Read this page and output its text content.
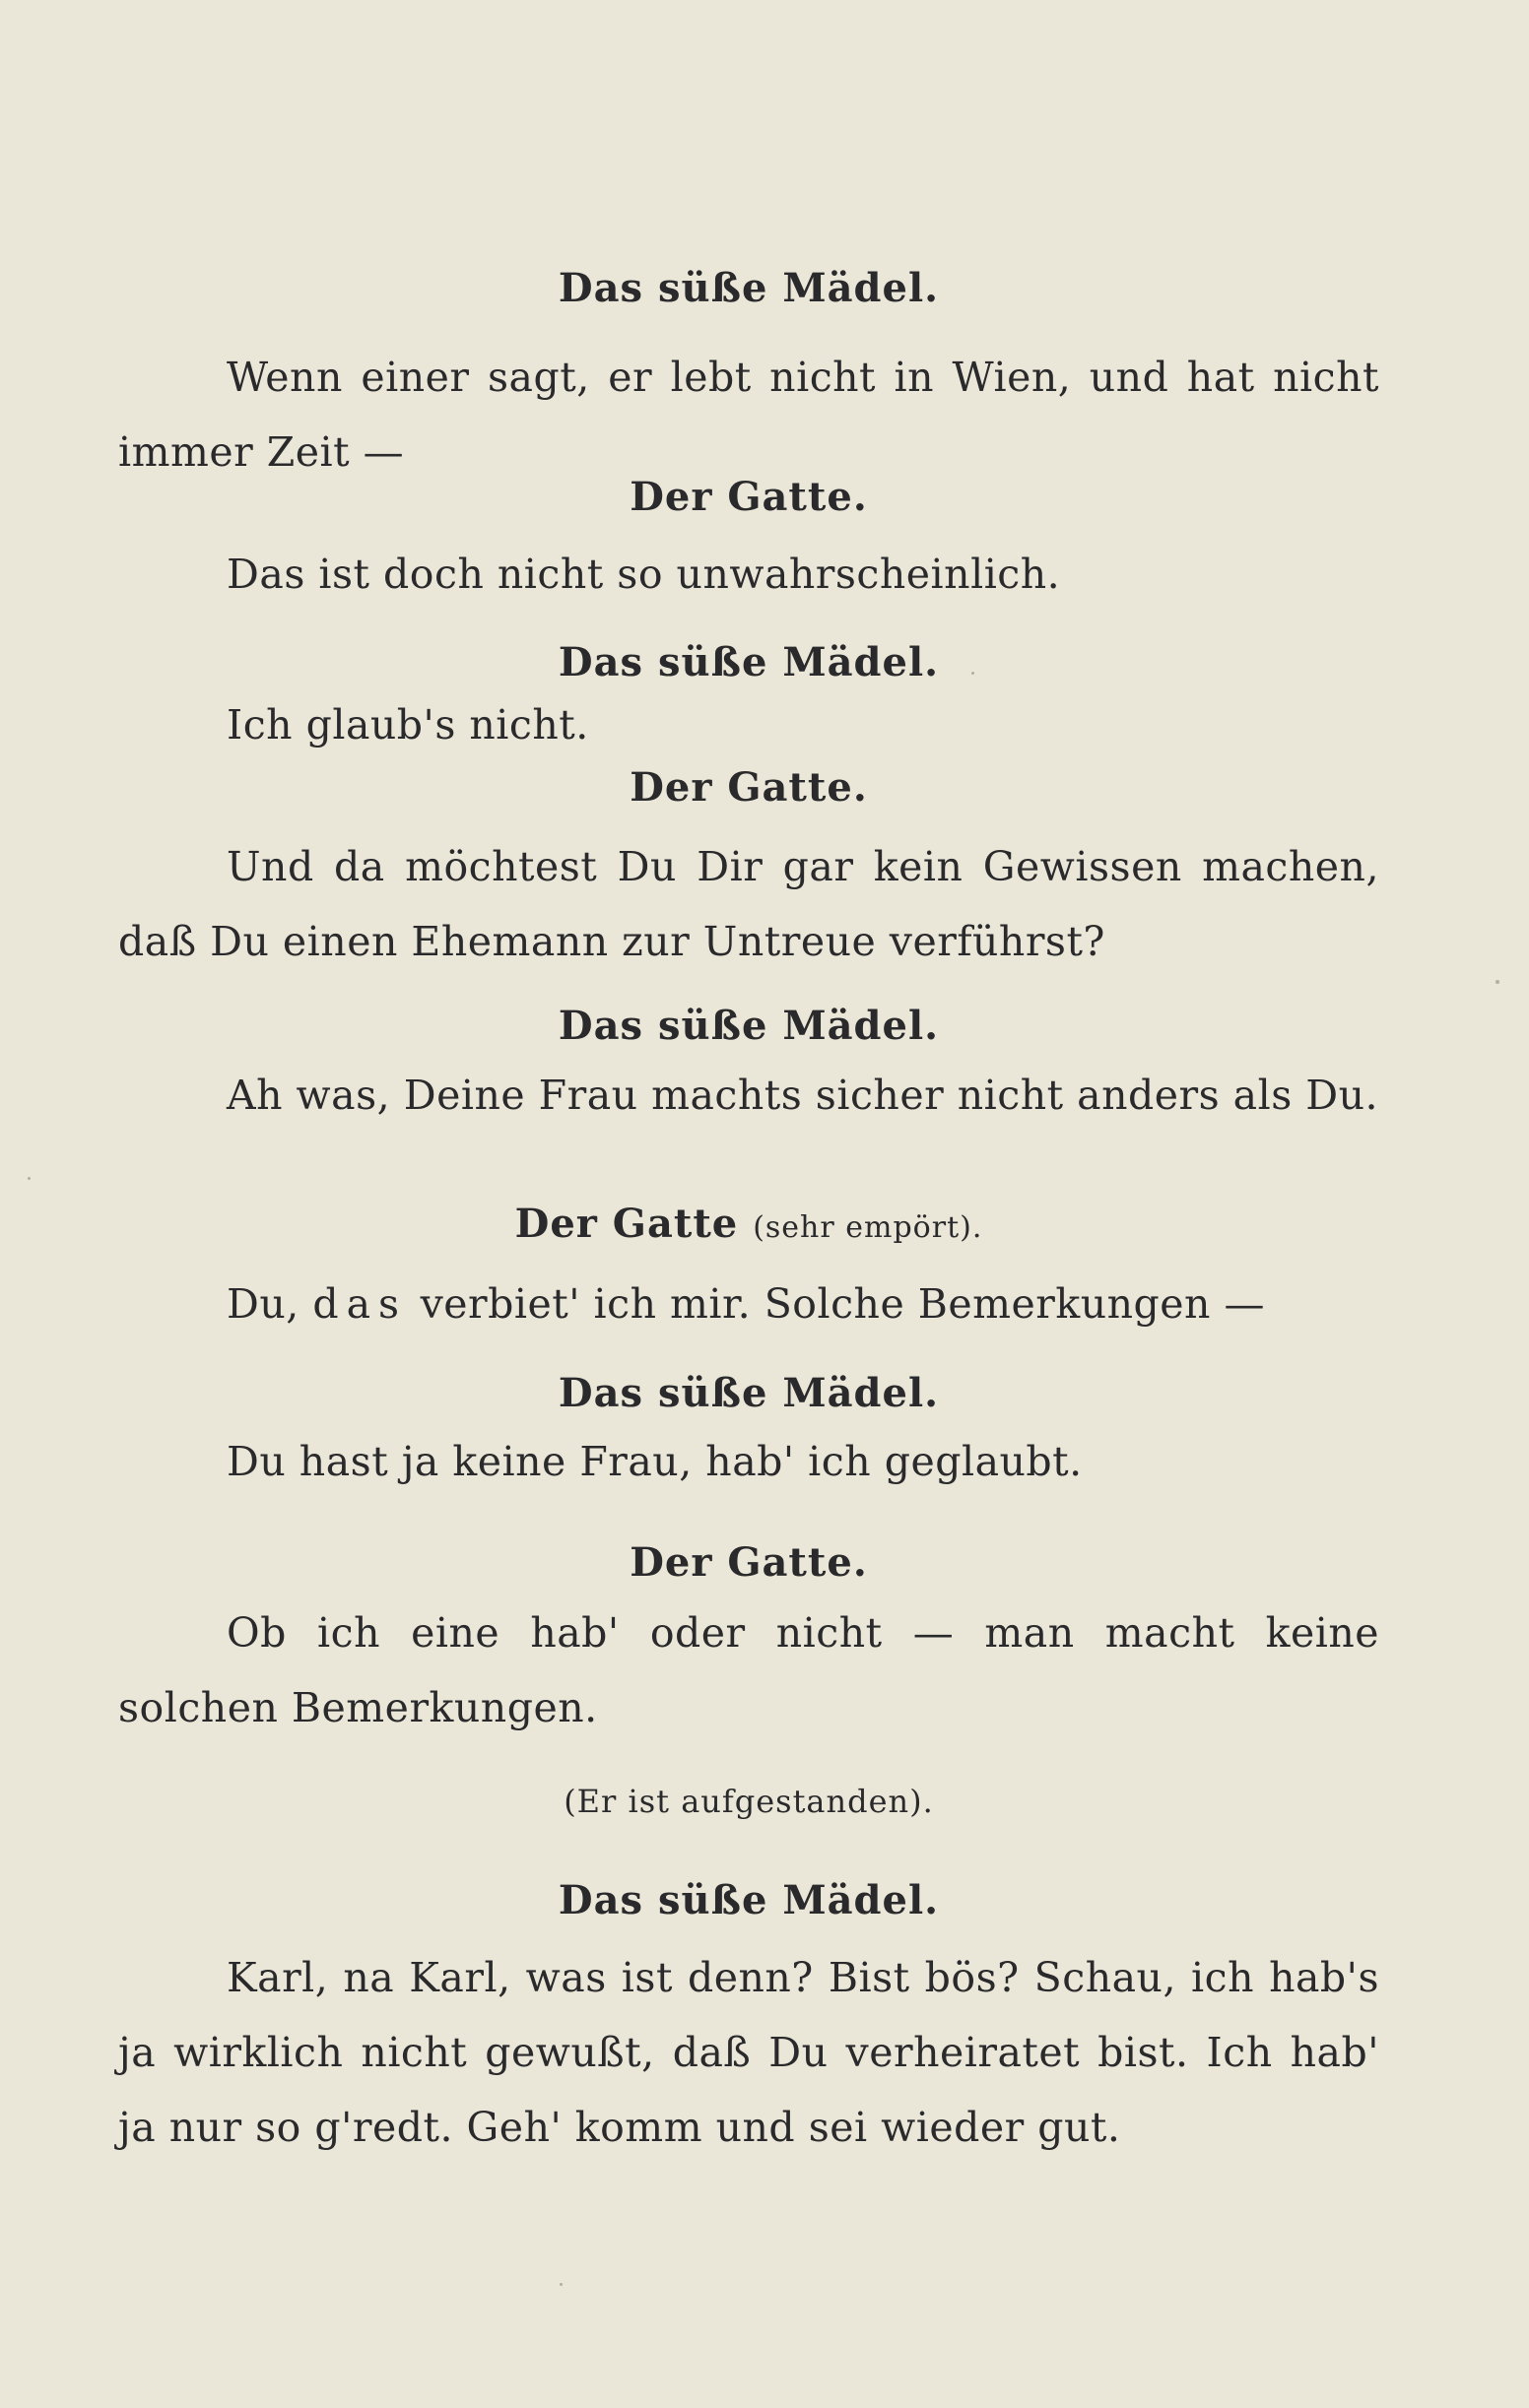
Das süße Mädel.
Wenn einer sagt, er lebt nicht in Wien, und hat nicht immer Zeit —
Der Gatte.
Das ist doch nicht so unwahrscheinlich.
Das süße Mädel.
Ich glaub's nicht.
Der Gatte.
Und da möchtest Du Dir gar kein Gewissen machen, daß Du einen Ehemann zur Untreue verführst?
Das süße Mädel.
Ah was, Deine Frau machts sicher nicht anders als Du.
Der Gatte (sehr empört).
Du, das verbiet' ich mir. Solche Bemerkungen —
Das süße Mädel.
Du hast ja keine Frau, hab' ich geglaubt.
Der Gatte.
Ob ich eine hab' oder nicht — man macht keine solchen Bemerkungen.
(Er ist aufgestanden).
Das süße Mädel.
Karl, na Karl, was ist denn? Bist bös? Schau, ich hab's ja wirklich nicht gewußt, daß Du verheiratet bist. Ich hab' ja nur so g'redt. Geh' komm und sei wieder gut.
